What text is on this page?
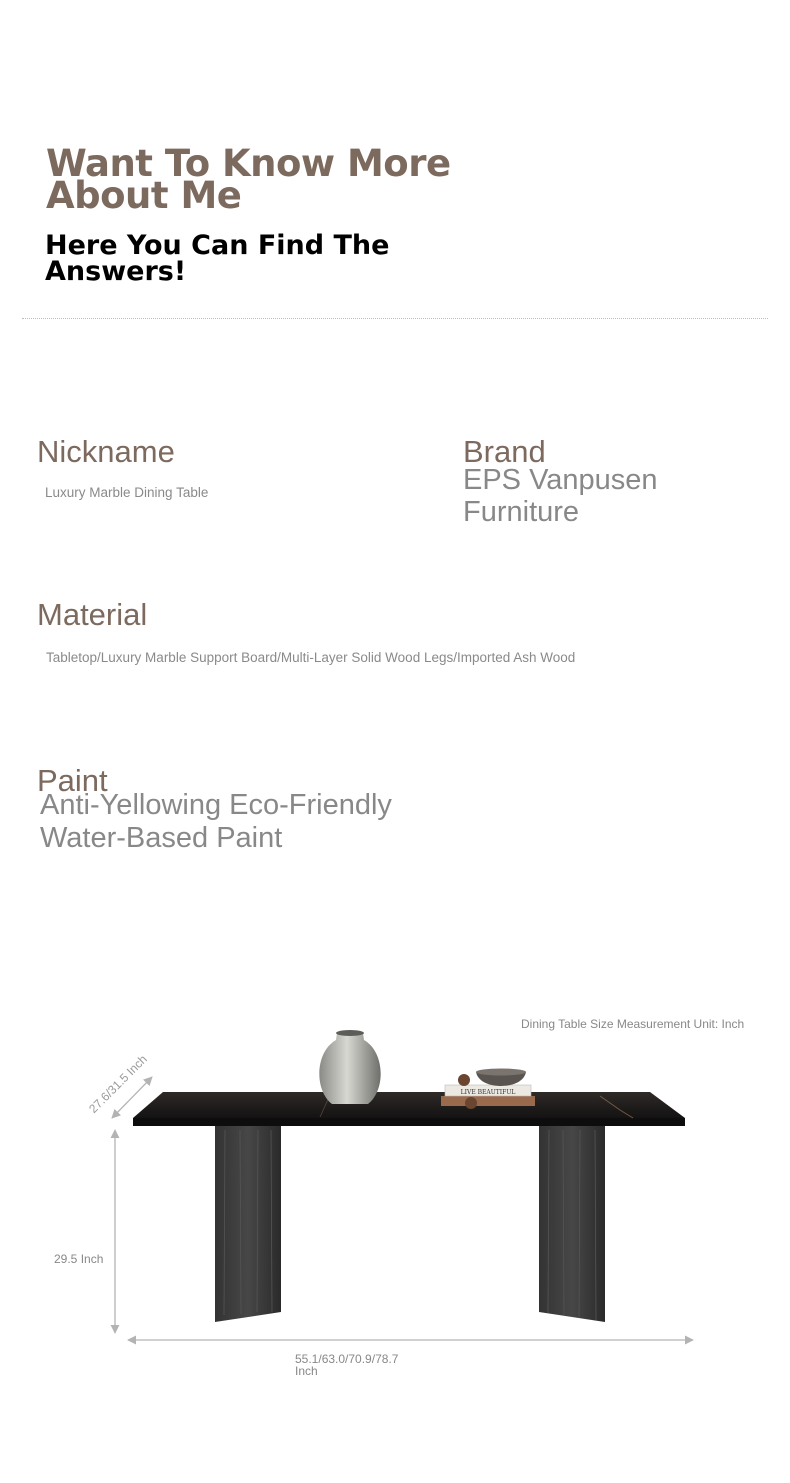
Want To Know More About Me
Here You Can Find The Answers!
Nickname
Luxury Marble Dining Table
Brand
EPS Vanpusen Furniture
Material
Tabletop/Luxury Marble Support Board/Multi-Layer Solid Wood Legs/Imported Ash Wood
Paint
Anti-Yellowing Eco-Friendly Water-Based Paint
LIVE BEAUTIFUL
Dining Table Size Measurement Unit: Inch
27.6/31.5 Inch
29.5 Inch
55.1/63.0/70.9/78.7 Inch
